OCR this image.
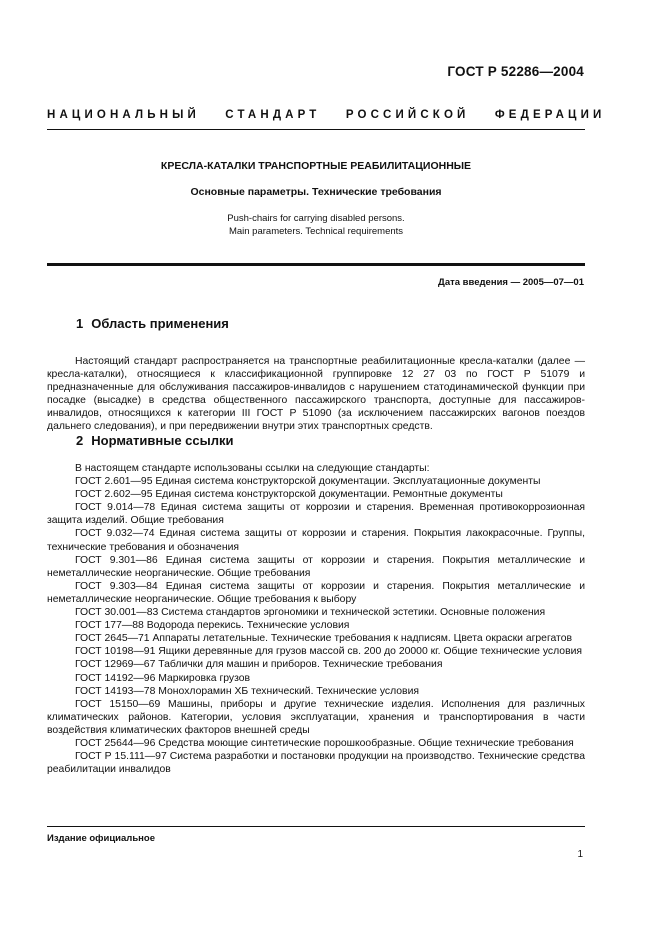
ГОСТ Р 52286—2004
НАЦИОНАЛЬНЫЙ СТАНДАРТ РОССИЙСКОЙ ФЕДЕРАЦИИ
КРЕСЛА-КАТАЛКИ ТРАНСПОРТНЫЕ РЕАБИЛИТАЦИОННЫЕ
Основные параметры. Технические требования
Push-chairs for carrying disabled persons.
Main parameters. Technical requirements
Дата введения — 2005—07—01
1 Область применения
Настоящий стандарт распространяется на транспортные реабилитационные кресла-каталки (далее — кресла-каталки), относящиеся к классификационной группировке 12 27 03 по ГОСТ Р 51079 и предназначенные для обслуживания пассажиров-инвалидов с нарушением статодинамической функции при посадке (высадке) в средства общественного пассажирского транспорта, доступные для пассажиров-инвалидов, относящихся к категории III ГОСТ Р 51090 (за исключением пассажирских вагонов поездов дальнего следования), и при передвижении внутри этих транспортных средств.
2 Нормативные ссылки
В настоящем стандарте использованы ссылки на следующие стандарты:
ГОСТ 2.601—95 Единая система конструкторской документации. Эксплуатационные документы
ГОСТ 2.602—95 Единая система конструкторской документации. Ремонтные документы
ГОСТ 9.014—78 Единая система защиты от коррозии и старения. Временная противокоррозионная защита изделий. Общие требования
ГОСТ 9.032—74 Единая система защиты от коррозии и старения. Покрытия лакокрасочные. Группы, технические требования и обозначения
ГОСТ 9.301—86 Единая система защиты от коррозии и старения. Покрытия металлические и неметаллические неорганические. Общие требования
ГОСТ 9.303—84 Единая система защиты от коррозии и старения. Покрытия металлические и неметаллические неорганические. Общие требования к выбору
ГОСТ 30.001—83 Система стандартов эргономики и технической эстетики. Основные положения
ГОСТ 177—88 Водорода перекись. Технические условия
ГОСТ 2645—71 Аппараты летательные. Технические требования к надписям. Цвета окраски агрегатов
ГОСТ 10198—91 Ящики деревянные для грузов массой св. 200 до 20000 кг. Общие технические условия
ГОСТ 12969—67 Таблички для машин и приборов. Технические требования
ГОСТ 14192—96 Маркировка грузов
ГОСТ 14193—78 Монохлорамин ХБ технический. Технические условия
ГОСТ 15150—69 Машины, приборы и другие технические изделия. Исполнения для различных климатических районов. Категории, условия эксплуатации, хранения и транспортирования в части воздействия климатических факторов внешней среды
ГОСТ 25644—96 Средства моющие синтетические порошкообразные. Общие технические требования
ГОСТ Р 15.111—97 Система разработки и постановки продукции на производство. Технические средства реабилитации инвалидов
Издание официальное
1
